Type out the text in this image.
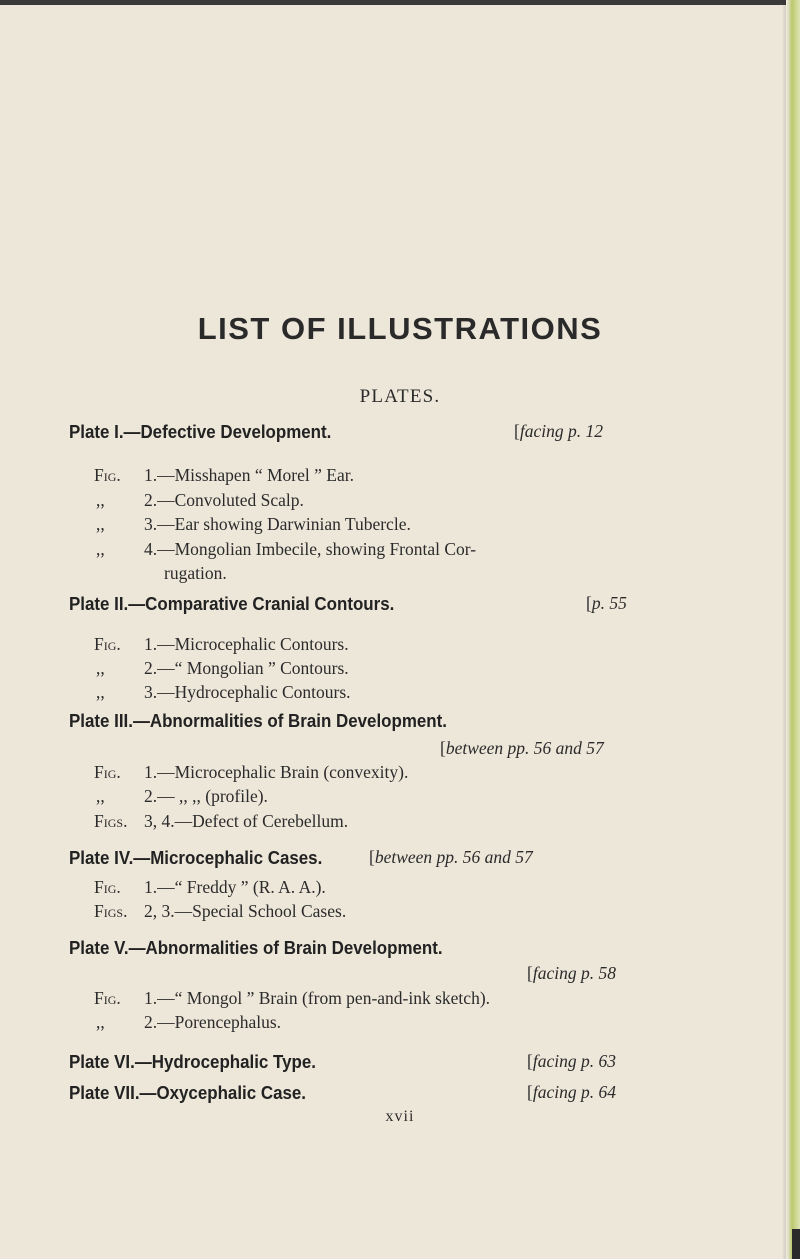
LIST OF ILLUSTRATIONS
PLATES.
Plate I.—Defective Development.	[facing p. 12
Fig. 1.—Misshapen “ Morel ” Ear.
,, 2.—Convoluted Scalp.
,, 3.—Ear showing Darwinian Tubercle.
,, 4.—Mongolian Imbecile, showing Frontal Cor-
rugation.
Plate II.—Comparative Cranial Contours.	[p. 55
Fig. 1.—Microcephalic Contours.
,, 2.—“ Mongolian ” Contours.
,, 3.—Hydrocephalic Contours.
Plate III.—Abnormalities of Brain Development.
[between pp. 56 and 57
Fig. 1.—Microcephalic Brain (convexity).
,, 2.— ,, ,, (profile).
Figs. 3, 4.—Defect of Cerebellum.
Plate IV.—Microcephalic Cases.	[between pp. 56 and 57
Fig. 1.—“ Freddy ” (R. A. A.).
Figs. 2, 3.—Special School Cases.
Plate V.—Abnormalities of Brain Development.
[facing p. 58
Fig. 1.—“ Mongol ” Brain (from pen-and-ink sketch).
,, 2.—Porencephalus.
Plate VI.—Hydrocephalic Type.	[facing p. 63
Plate VII.—Oxycephalic Case.	[facing p. 64
xvii
